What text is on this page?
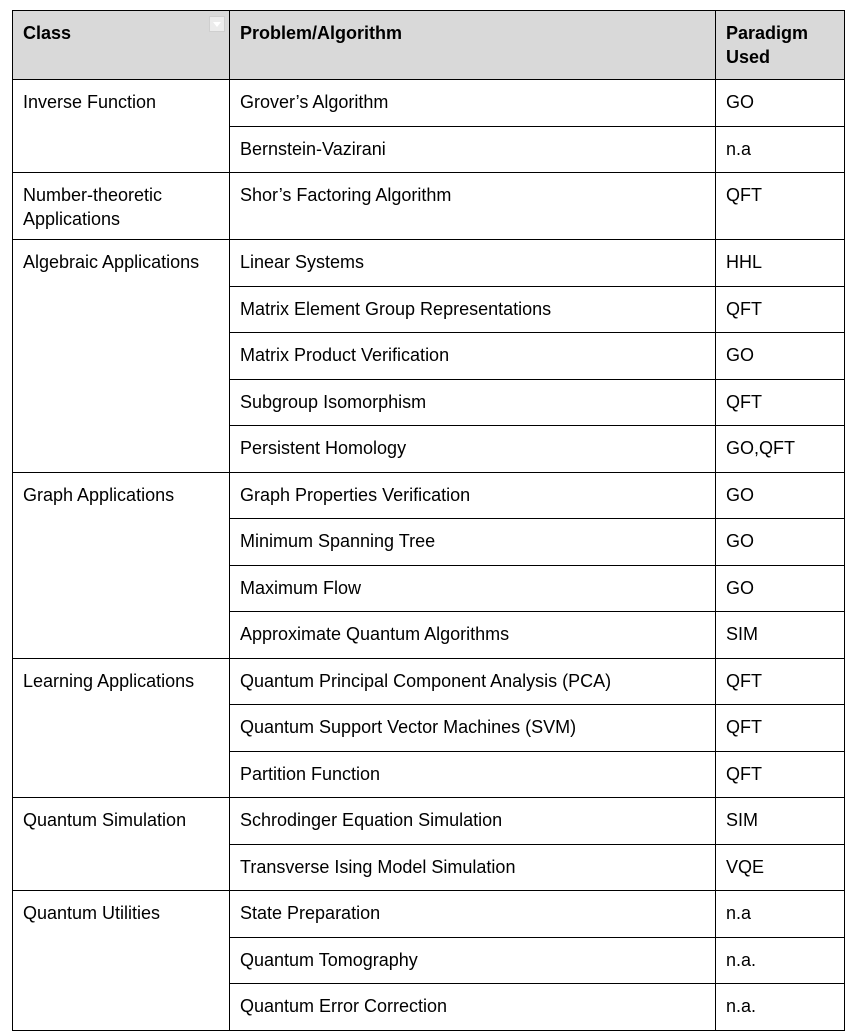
Class	Problem/Algorithm	Paradigm Used
Inverse Function	Grover’s Algorithm	GO
	Bernstein-Vazirani	n.a
Number-theoretic Applications	Shor’s Factoring Algorithm	QFT
Algebraic Applications	Linear Systems	HHL
	Matrix Element Group Representations	QFT
	Matrix Product Verification	GO
	Subgroup Isomorphism	QFT
	Persistent Homology	GO,QFT
Graph Applications	Graph Properties Verification	GO
	Minimum Spanning Tree	GO
	Maximum Flow	GO
	Approximate Quantum Algorithms	SIM
Learning Applications	Quantum Principal Component Analysis (PCA)	QFT
	Quantum Support Vector Machines (SVM)	QFT
	Partition Function	QFT
Quantum Simulation	Schrodinger Equation Simulation	SIM
	Transverse Ising Model Simulation	VQE
Quantum Utilities	State Preparation	n.a
	Quantum Tomography	n.a.
	Quantum Error Correction	n.a.
